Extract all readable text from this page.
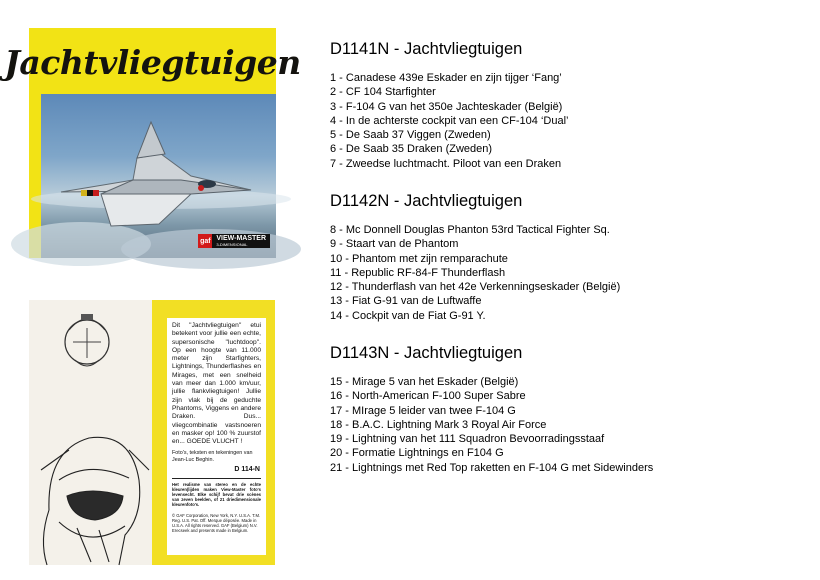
Jachtvliegtuigen
gaf VIEW-MASTER
3-DIMENSIONAL
Dit ''Jachtvliegtuigen'' etui betekent voor jullie een echte, supersonische ''luchtdoop''. Op een hoogte van 11.000 meter zijn Starfighters, Lightnings, Thunderflashes en Mirages, met een snelheid van meer dan 1.000 km/uur, jullie flankvliegtuigen! Jullie zijn vlak bij de geduchte Phantoms, Viggens en andere Draken. Dus... vliegcombinatie vastsnoeren en masker op! 100 % zuurstof en... GOEDE VLUCHT !
Foto's, teksten en tekeningen van Jean-Luc Beghin.
D 114-N
Het realisme van stereo en de echte kleuren(lijden maken View-Master foto's levensecht. Elke schijf bevat drie scènes van zeven beelden, of 21 driedimensionale kleurenfoto's.
© GAF Corporation, New York, N.Y. U.S.A. T.M. Reg. U.S. Pat. Off. Merque déposée. Made in U.S.A. All rights reserved. GAF (Belgium) N.V. Erecseek and presents made in Belgium.
D1141N - Jachtvliegtuigen
1 - Canadese 439e Eskader en zijn tijger ‘Fang’
2 - CF 104 Starfighter
3 - F-104 G van het 350e Jachteskader (België)
4 - In de achterste cockpit van een CF-104 ‘Dual’
5 - De Saab 37 Viggen (Zweden)
6 - De Saab 35 Draken (Zweden)
7 - Zweedse luchtmacht. Piloot van een Draken
D1142N - Jachtvliegtuigen
8 - Mc Donnell Douglas Phanton 53rd Tactical Fighter Sq.
9 - Staart van de Phantom
10 - Phantom met zijn remparachute
11 - Republic RF-84-F Thunderflash
12 - Thunderflash van het 42e Verkenningseskader (België)
13 - Fiat G-91 van de Luftwaffe
14 - Cockpit van de Fiat G-91 Y.
D1143N - Jachtvliegtuigen
15 - Mirage 5 van het Eskader (België)
16 - North-American F-100 Super Sabre
17 - MIrage 5 leider van twee F-104 G
18 - B.A.C. Lightning Mark 3 Royal Air Force
19 - Lightning van het 111 Squadron Bevoorradingsstaaf
20 - Formatie Lightnings en F104 G
21 - Lightnings met Red Top raketten en F-104 G met Sidewinders
